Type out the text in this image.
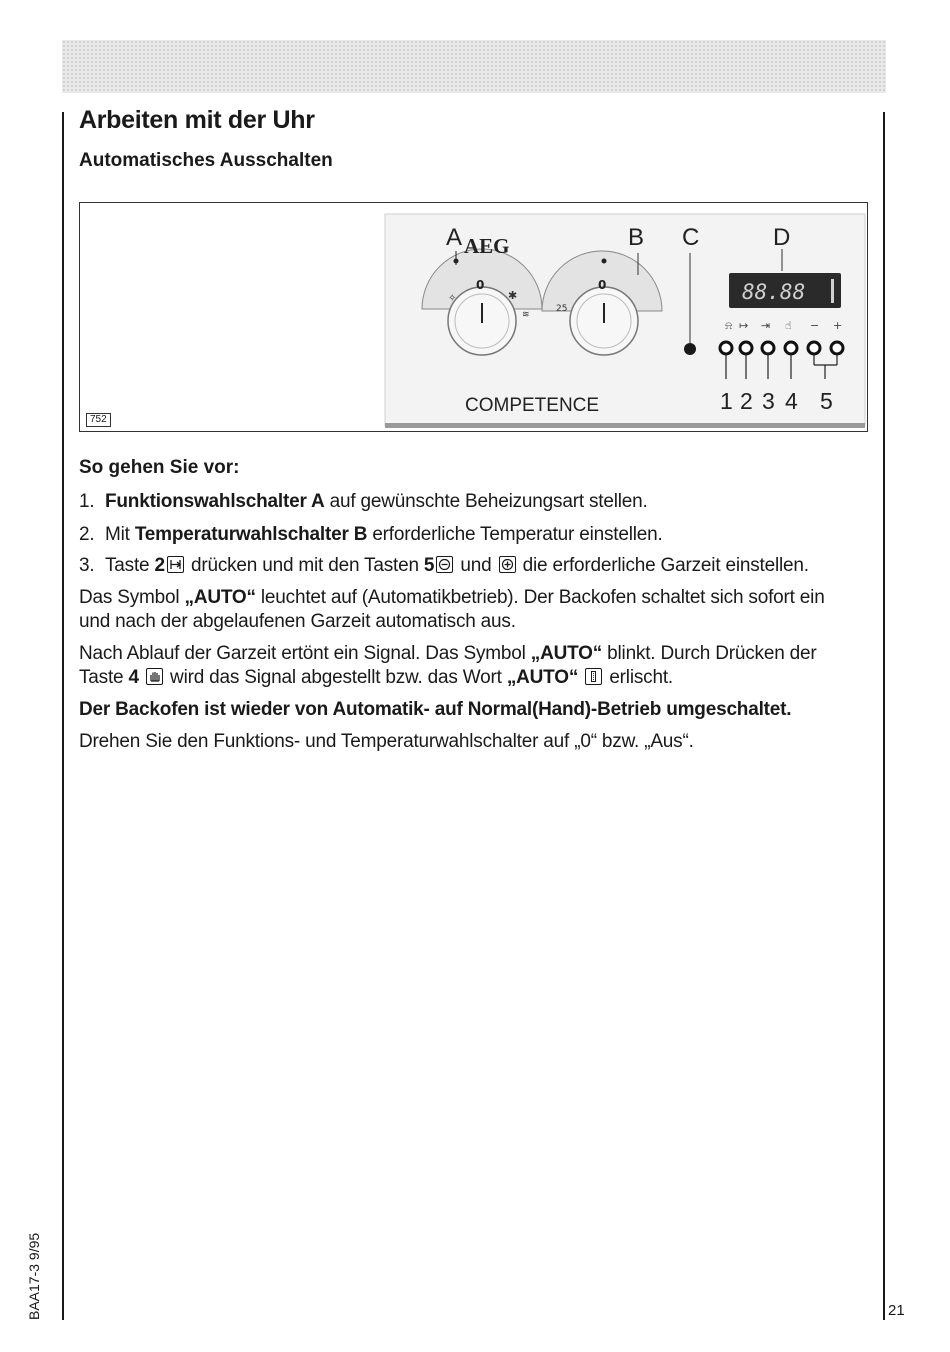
Arbeiten mit der Uhr
Automatisches Ausschalten
0
✧	✱
≋
0
25
A AEG	B C	D
88.88
⍾ ↦ ⇥ ☝ − +
1 2 3 4 5
COMPETENCE
752
So gehen Sie vor:

1. Funktionswahlschalter A auf gewünschte Beheizungsart stellen.

2. Mit Temperaturwahlschalter B erforderliche Temperatur einstellen.

3. Taste 2
drücken und mit den Tasten 5
und
die erforderliche Garzeit einstellen.

Das Symbol „AUTO“ leuchtet auf (Automatikbetrieb). Der Backofen schaltet sich sofort ein

und nach der abgelaufenen Garzeit automatisch aus.

Nach Ablauf der Garzeit ertönt ein Signal. Das Symbol „AUTO“ blinkt. Durch Drücken der

Taste 4
wird das Signal abgestellt bzw. das Wort „AUTO“
erlischt.

Der Backofen ist wieder von Automatik- auf Normal(Hand)-Betrieb umgeschaltet.

Drehen Sie den Funktions- und Temperaturwahlschalter auf „0“ bzw. „Aus“.

BAA17-3 9/95	21
